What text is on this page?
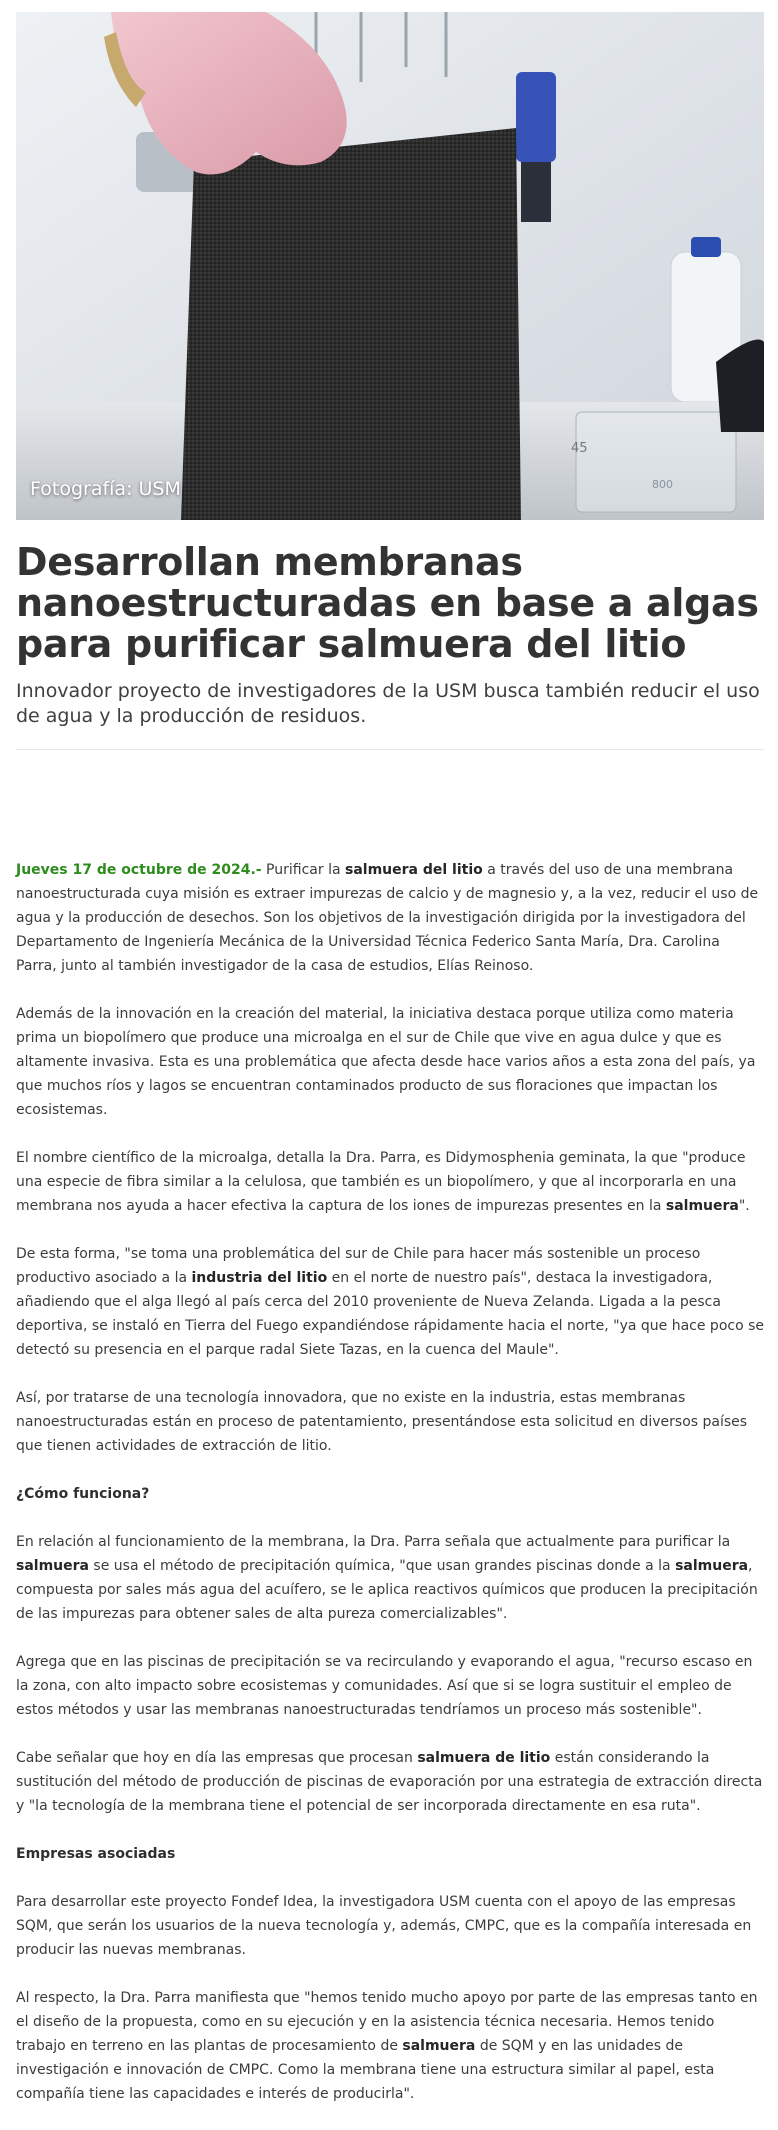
45
800
Fotografía: USM
Desarrollan membranas nanoestructuradas en base a algas para purificar salmuera del litio

Innovador proyecto de investigadores de la USM busca también reducir el uso de agua y la producción de residuos.

Jueves 17 de octubre de 2024.- Purificar la salmuera del litio a través del uso de una membrana nanoestructurada cuya misión es extraer impurezas de calcio y de magnesio y, a la vez, reducir el uso de agua y la producción de desechos. Son los objetivos de la investigación dirigida por la investigadora del Departamento de Ingeniería Mecánica de la Universidad Técnica Federico Santa María, Dra. Carolina Parra, junto al también investigador de la casa de estudios, Elías Reinoso.

Además de la innovación en la creación del material, la iniciativa destaca porque utiliza como materia prima un biopolímero que produce una microalga en el sur de Chile que vive en agua dulce y que es altamente invasiva. Esta es una problemática que afecta desde hace varios años a esta zona del país, ya que muchos ríos y lagos se encuentran contaminados producto de sus floraciones que impactan los ecosistemas.

El nombre científico de la microalga, detalla la Dra. Parra, es Didymosphenia geminata, la que "produce una especie de fibra similar a la celulosa, que también es un biopolímero, y que al incorporarla en una membrana nos ayuda a hacer efectiva la captura de los iones de impurezas presentes en la salmuera".

De esta forma, "se toma una problemática del sur de Chile para hacer más sostenible un proceso productivo asociado a la industria del litio en el norte de nuestro país", destaca la investigadora, añadiendo que el alga llegó al país cerca del 2010 proveniente de Nueva Zelanda. Ligada a la pesca deportiva, se instaló en Tierra del Fuego expandiéndose rápidamente hacia el norte, "ya que hace poco se detectó su presencia en el parque radal Siete Tazas, en la cuenca del Maule".

Así, por tratarse de una tecnología innovadora, que no existe en la industria, estas membranas nanoestructuradas están en proceso de patentamiento, presentándose esta solicitud en diversos países que tienen actividades de extracción de litio.

¿Cómo funciona?

En relación al funcionamiento de la membrana, la Dra. Parra señala que actualmente para purificar la salmuera se usa el método de precipitación química, "que usan grandes piscinas donde a la salmuera, compuesta por sales más agua del acuífero, se le aplica reactivos químicos que producen la precipitación de las impurezas para obtener sales de alta pureza comercializables".

Agrega que en las piscinas de precipitación se va recirculando y evaporando el agua, "recurso escaso en la zona, con alto impacto sobre ecosistemas y comunidades. Así que si se logra sustituir el empleo de estos métodos y usar las membranas nanoestructuradas tendríamos un proceso más sostenible".

Cabe señalar que hoy en día las empresas que procesan salmuera de litio están considerando la sustitución del método de producción de piscinas de evaporación por una estrategia de extracción directa y "la tecnología de la membrana tiene el potencial de ser incorporada directamente en esa ruta".

Empresas asociadas

Para desarrollar este proyecto Fondef Idea, la investigadora USM cuenta con el apoyo de las empresas SQM, que serán los usuarios de la nueva tecnología y, además, CMPC, que es la compañía interesada en producir las nuevas membranas.

Al respecto, la Dra. Parra manifiesta que "hemos tenido mucho apoyo por parte de las empresas tanto en el diseño de la propuesta, como en su ejecución y en la asistencia técnica necesaria. Hemos tenido trabajo en terreno en las plantas de procesamiento de salmuera de SQM y en las unidades de investigación e innovación de CMPC. Como la membrana tiene una estructura similar al papel, esta compañía tiene las capacidades e interés de producirla".
